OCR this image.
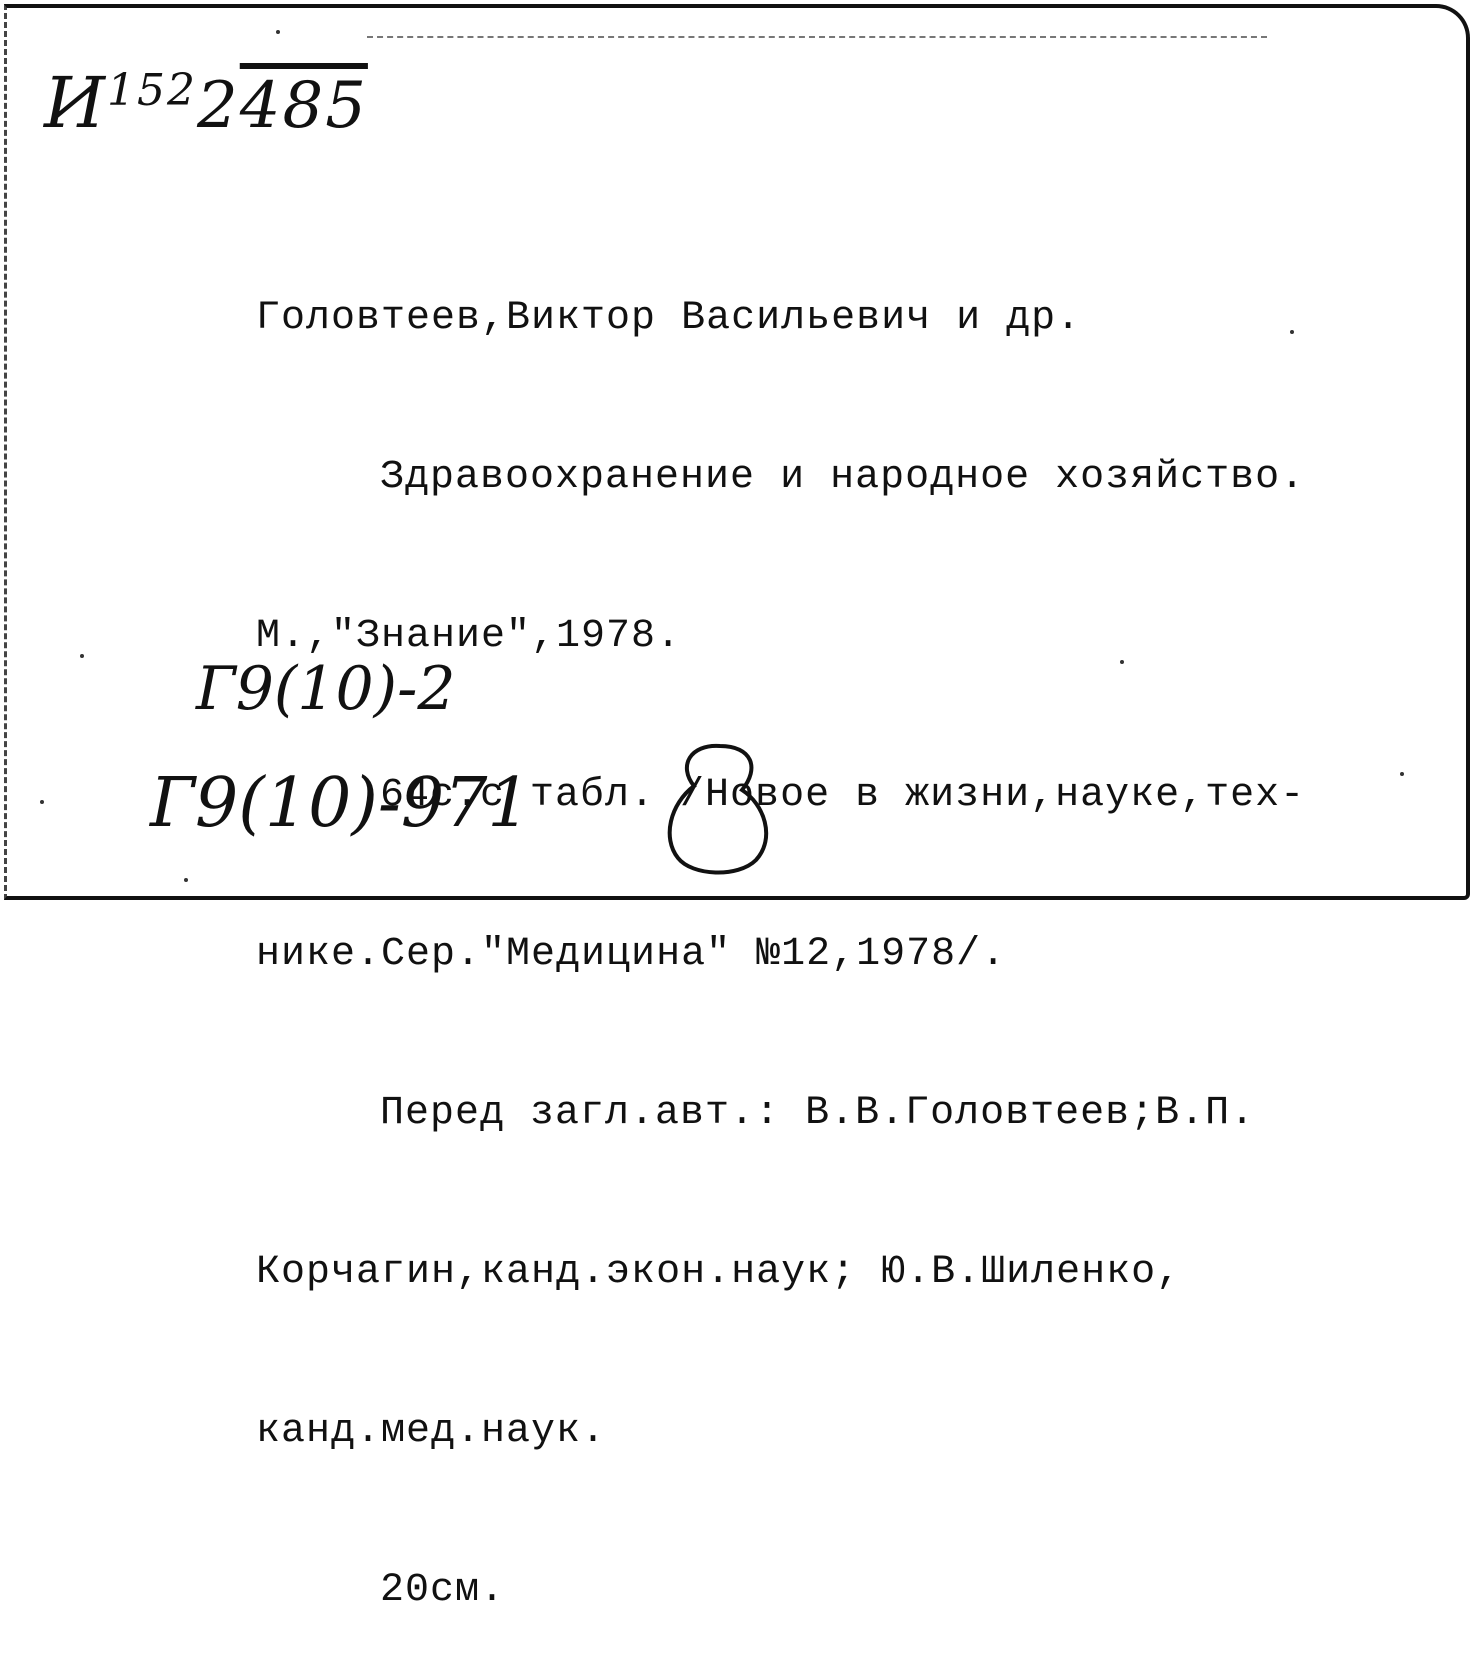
$И^{152}2485$

Головтеев,Виктор Васильевич и др.

Здравоохранение и народное хозяйство.

М.,"Знание",1978.

64с.с табл. /Новое в жизни,науке,тех-

нике.Сер."Медицина" №12,1978/.

Перед загл.авт.: В.В.Головтеев;В.П.

Корчагин,канд.экон.наук; Ю.В.Шиленко,

канд.мед.наук.

20см.

Г9(10)-2
Г9(10)-971
